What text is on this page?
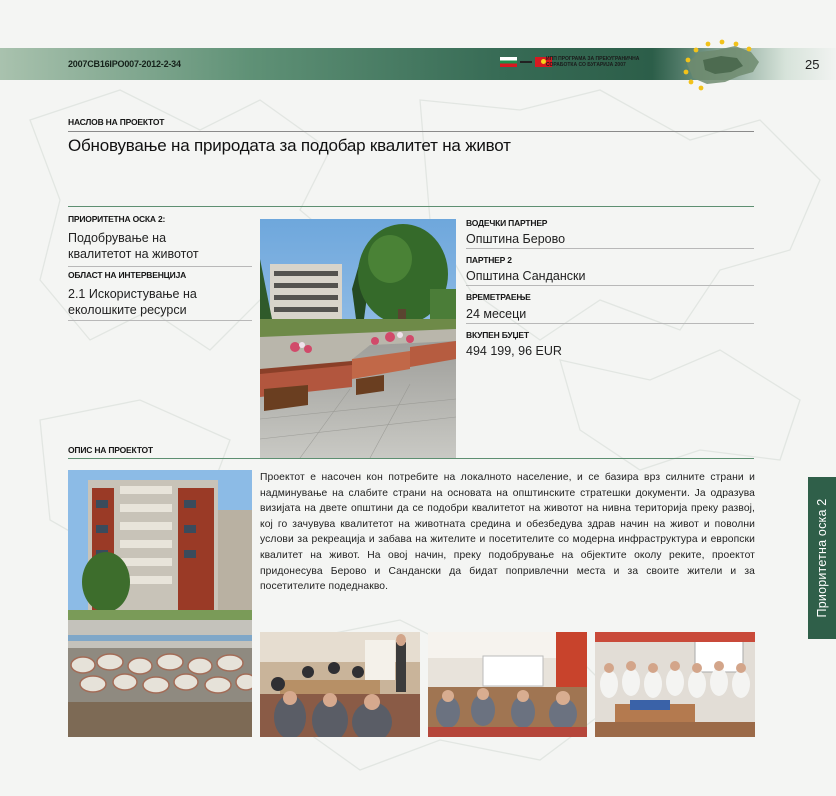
2007CB16IPO007-2012-2-34	ИПП ПРОГРАМА ЗА ПРЕКУГРАНИЧНА СОРАБОТКА СО БУГАРИЈА 2007	25
НАСЛОВ НА ПРОЕКТОТ
Обновување на природата за подобар квалитет на живот
ПРИОРИТЕТНА ОСКА 2:
Подобрување на
квалитетот на животот
ОБЛАСТ НА ИНТЕРВЕНЦИЈА
2.1 Искористување на
еколошките ресурси
ВОДЕЧКИ ПАРТНЕР
Општина Берово
ПАРТНЕР 2
Општина Сандански
ВРЕМЕТРАЕЊЕ
24 месеци
ВКУПЕН БУЏЕТ
494 199, 96 EUR
ОПИС НА ПРОЕКТОТ
Проектот е насочен кон потребите на локалното население, и се базира врз силните страни и надминување на слабите страни на основата на општинските стратешки документи. Ја одразува визијата на двете општини да се подобри квалитетот на животот на нивна територија преку развој, кој го зачувува квалитетот на животната средина и обезбедува здрав начин на живот и поволни услови за рекреација и забава на жителите и посетителите со модерна инфраструктура и европски квалитет на живот. На овој начин, преку подобрување на објектите околу реките, проектот придонесува Берово и Сандански да бидат попривлечни места и за своите жители и за посетителите подеднакво.	Приоритетна оска 2
